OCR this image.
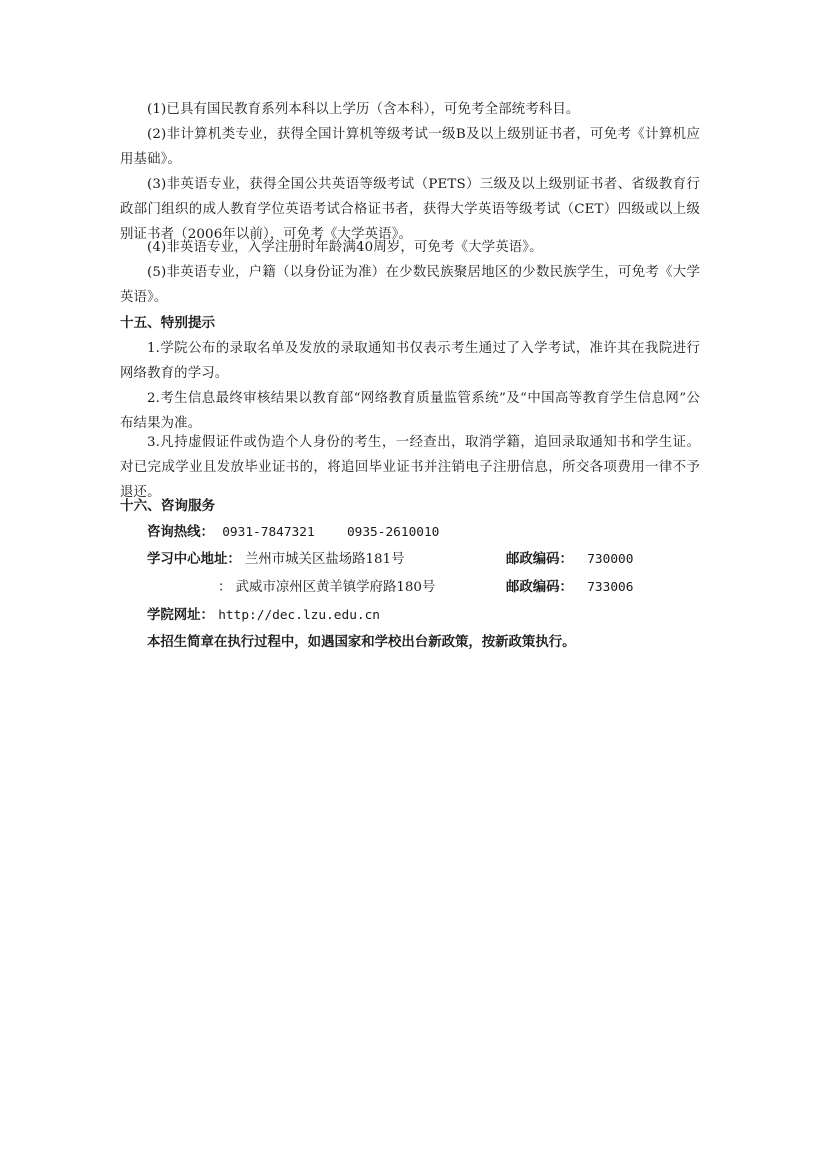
(1)已具有国民教育系列本科以上学历（含本科），可免考全部统考科目。

(2)非计算机类专业，获得全国计算机等级考试一级B及以上级别证书者，可免考《计算机应用基础》。

(3)非英语专业，获得全国公共英语等级考试（PETS）三级及以上级别证书者、省级教育行政部门组织的成人教育学位英语考试合格证书者，获得大学英语等级考试（CET）四级或以上级别证书者（2006年以前），可免考《大学英语》。

(4)非英语专业，入学注册时年龄满40周岁，可免考《大学英语》。

(5)非英语专业，户籍（以身份证为准）在少数民族聚居地区的少数民族学生，可免考《大学英语》。

十五、特别提示

1.学院公布的录取名单及发放的录取通知书仅表示考生通过了入学考试，准许其在我院进行网络教育的学习。

2.考生信息最终审核结果以教育部“网络教育质量监管系统”及“中国高等教育学生信息网”公布结果为准。

3.凡持虚假证件或伪造个人身份的考生，一经查出，取消学籍，追回录取通知书和学生证。对已完成学业且发放毕业证书的，将追回毕业证书并注销电子注册信息，所交各项费用一律不予退还。

十六、咨询服务
咨询热线： 0931-7847321	0935-2610010
学习中心地址： 兰州市城关区盐场路181号	邮政编码： 730000
： 武威市凉州区黄羊镇学府路180号	邮政编码： 733006
学院网址： http://dec.lzu.edu.cn

本招生简章在执行过程中，如遇国家和学校出台新政策，按新政策执行。
